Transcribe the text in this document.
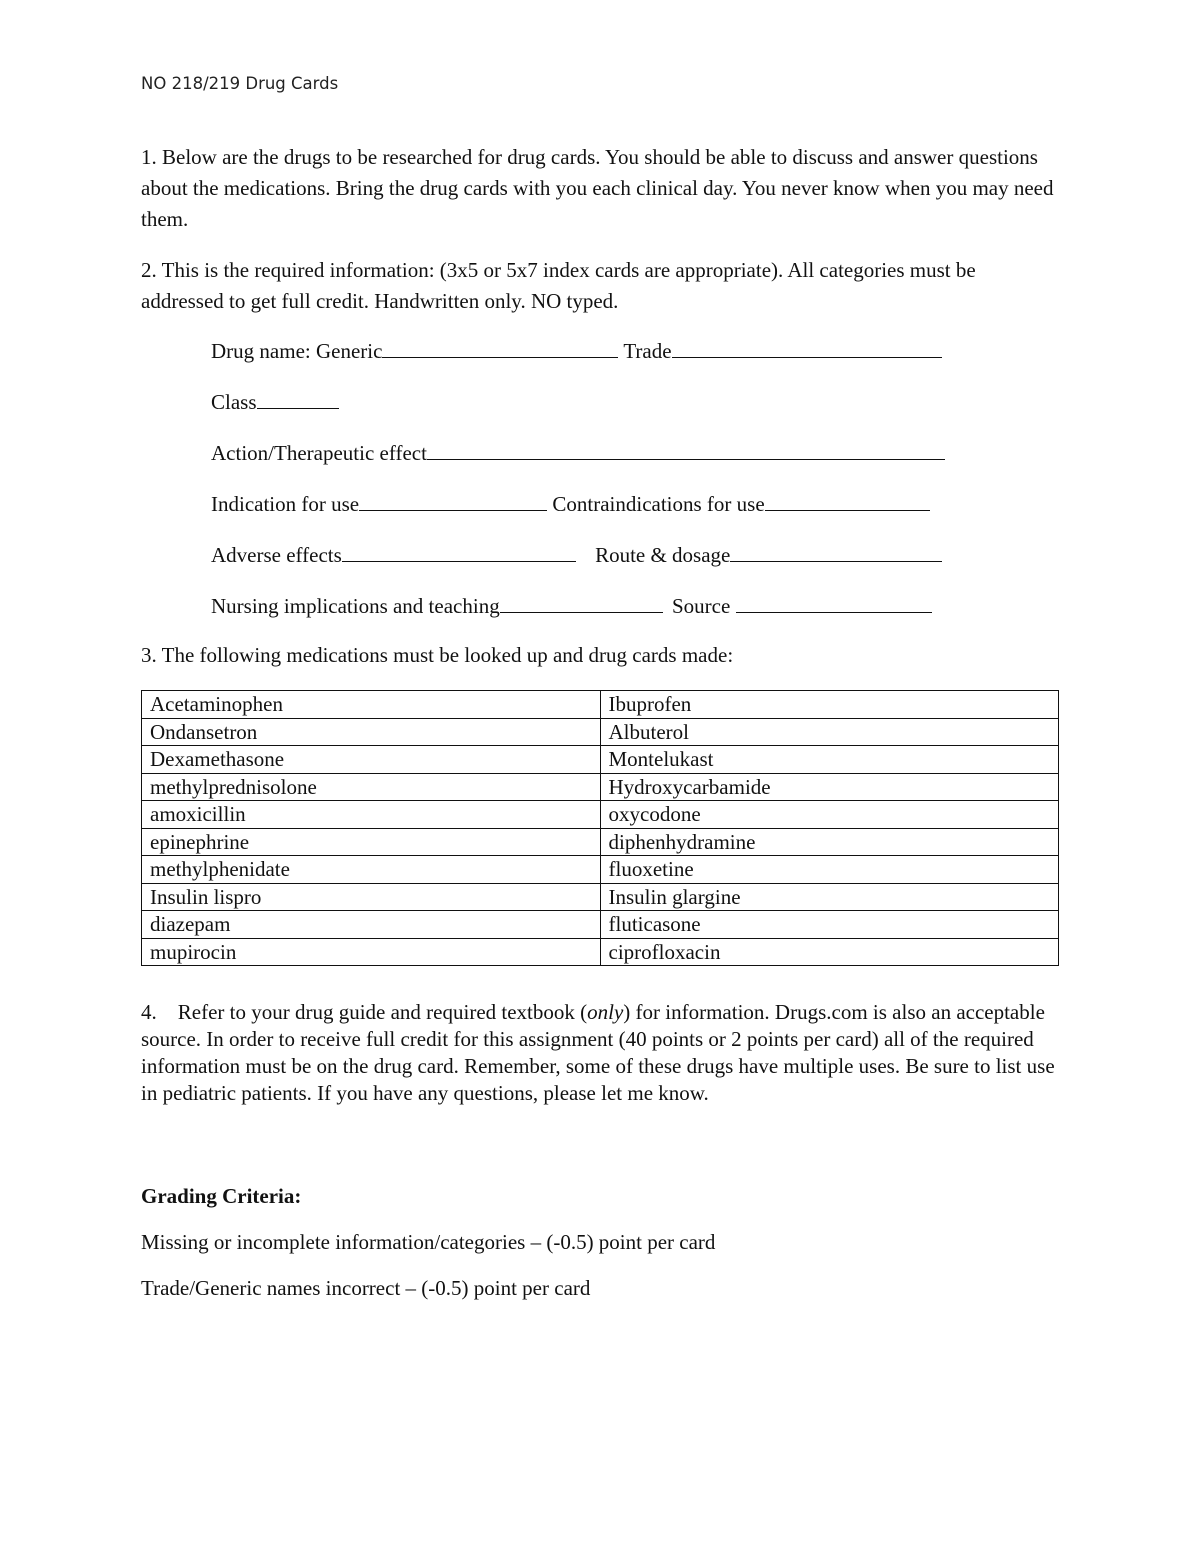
NO 218/219 Drug Cards
1. Below are the drugs to be researched for drug cards. You should be able to discuss and answer questions about the medications. Bring the drug cards with you each clinical day. You never know when you may need them.
2. This is the required information: (3x5 or 5x7 index cards are appropriate). All categories must be addressed to get full credit. Handwritten only. NO typed.
Drug name: Generic	Trade
Class
Action/Therapeutic effect
Indication for use	Contraindications for use
Adverse effects	Route & dosage
Nursing implications and teaching	Source
3. The following medications must be looked up and drug cards made:
Acetaminophen	Ibuprofen
Ondansetron	Albuterol
Dexamethasone	Montelukast
methylprednisolone	Hydroxycarbamide
amoxicillin	oxycodone
epinephrine	diphenhydramine
methylphenidate	fluoxetine
Insulin lispro	Insulin glargine
diazepam	fluticasone
mupirocin	ciprofloxacin
4. Refer to your drug guide and required textbook (only) for information. Drugs.com is also an acceptable source. In order to receive full credit for this assignment (40 points or 2 points per card) all of the required information must be on the drug card. Remember, some of these drugs have multiple uses. Be sure to list use in pediatric patients. If you have any questions, please let me know.
Grading Criteria:
Missing or incomplete information/categories – (-0.5) point per card
Trade/Generic names incorrect – (-0.5) point per card
